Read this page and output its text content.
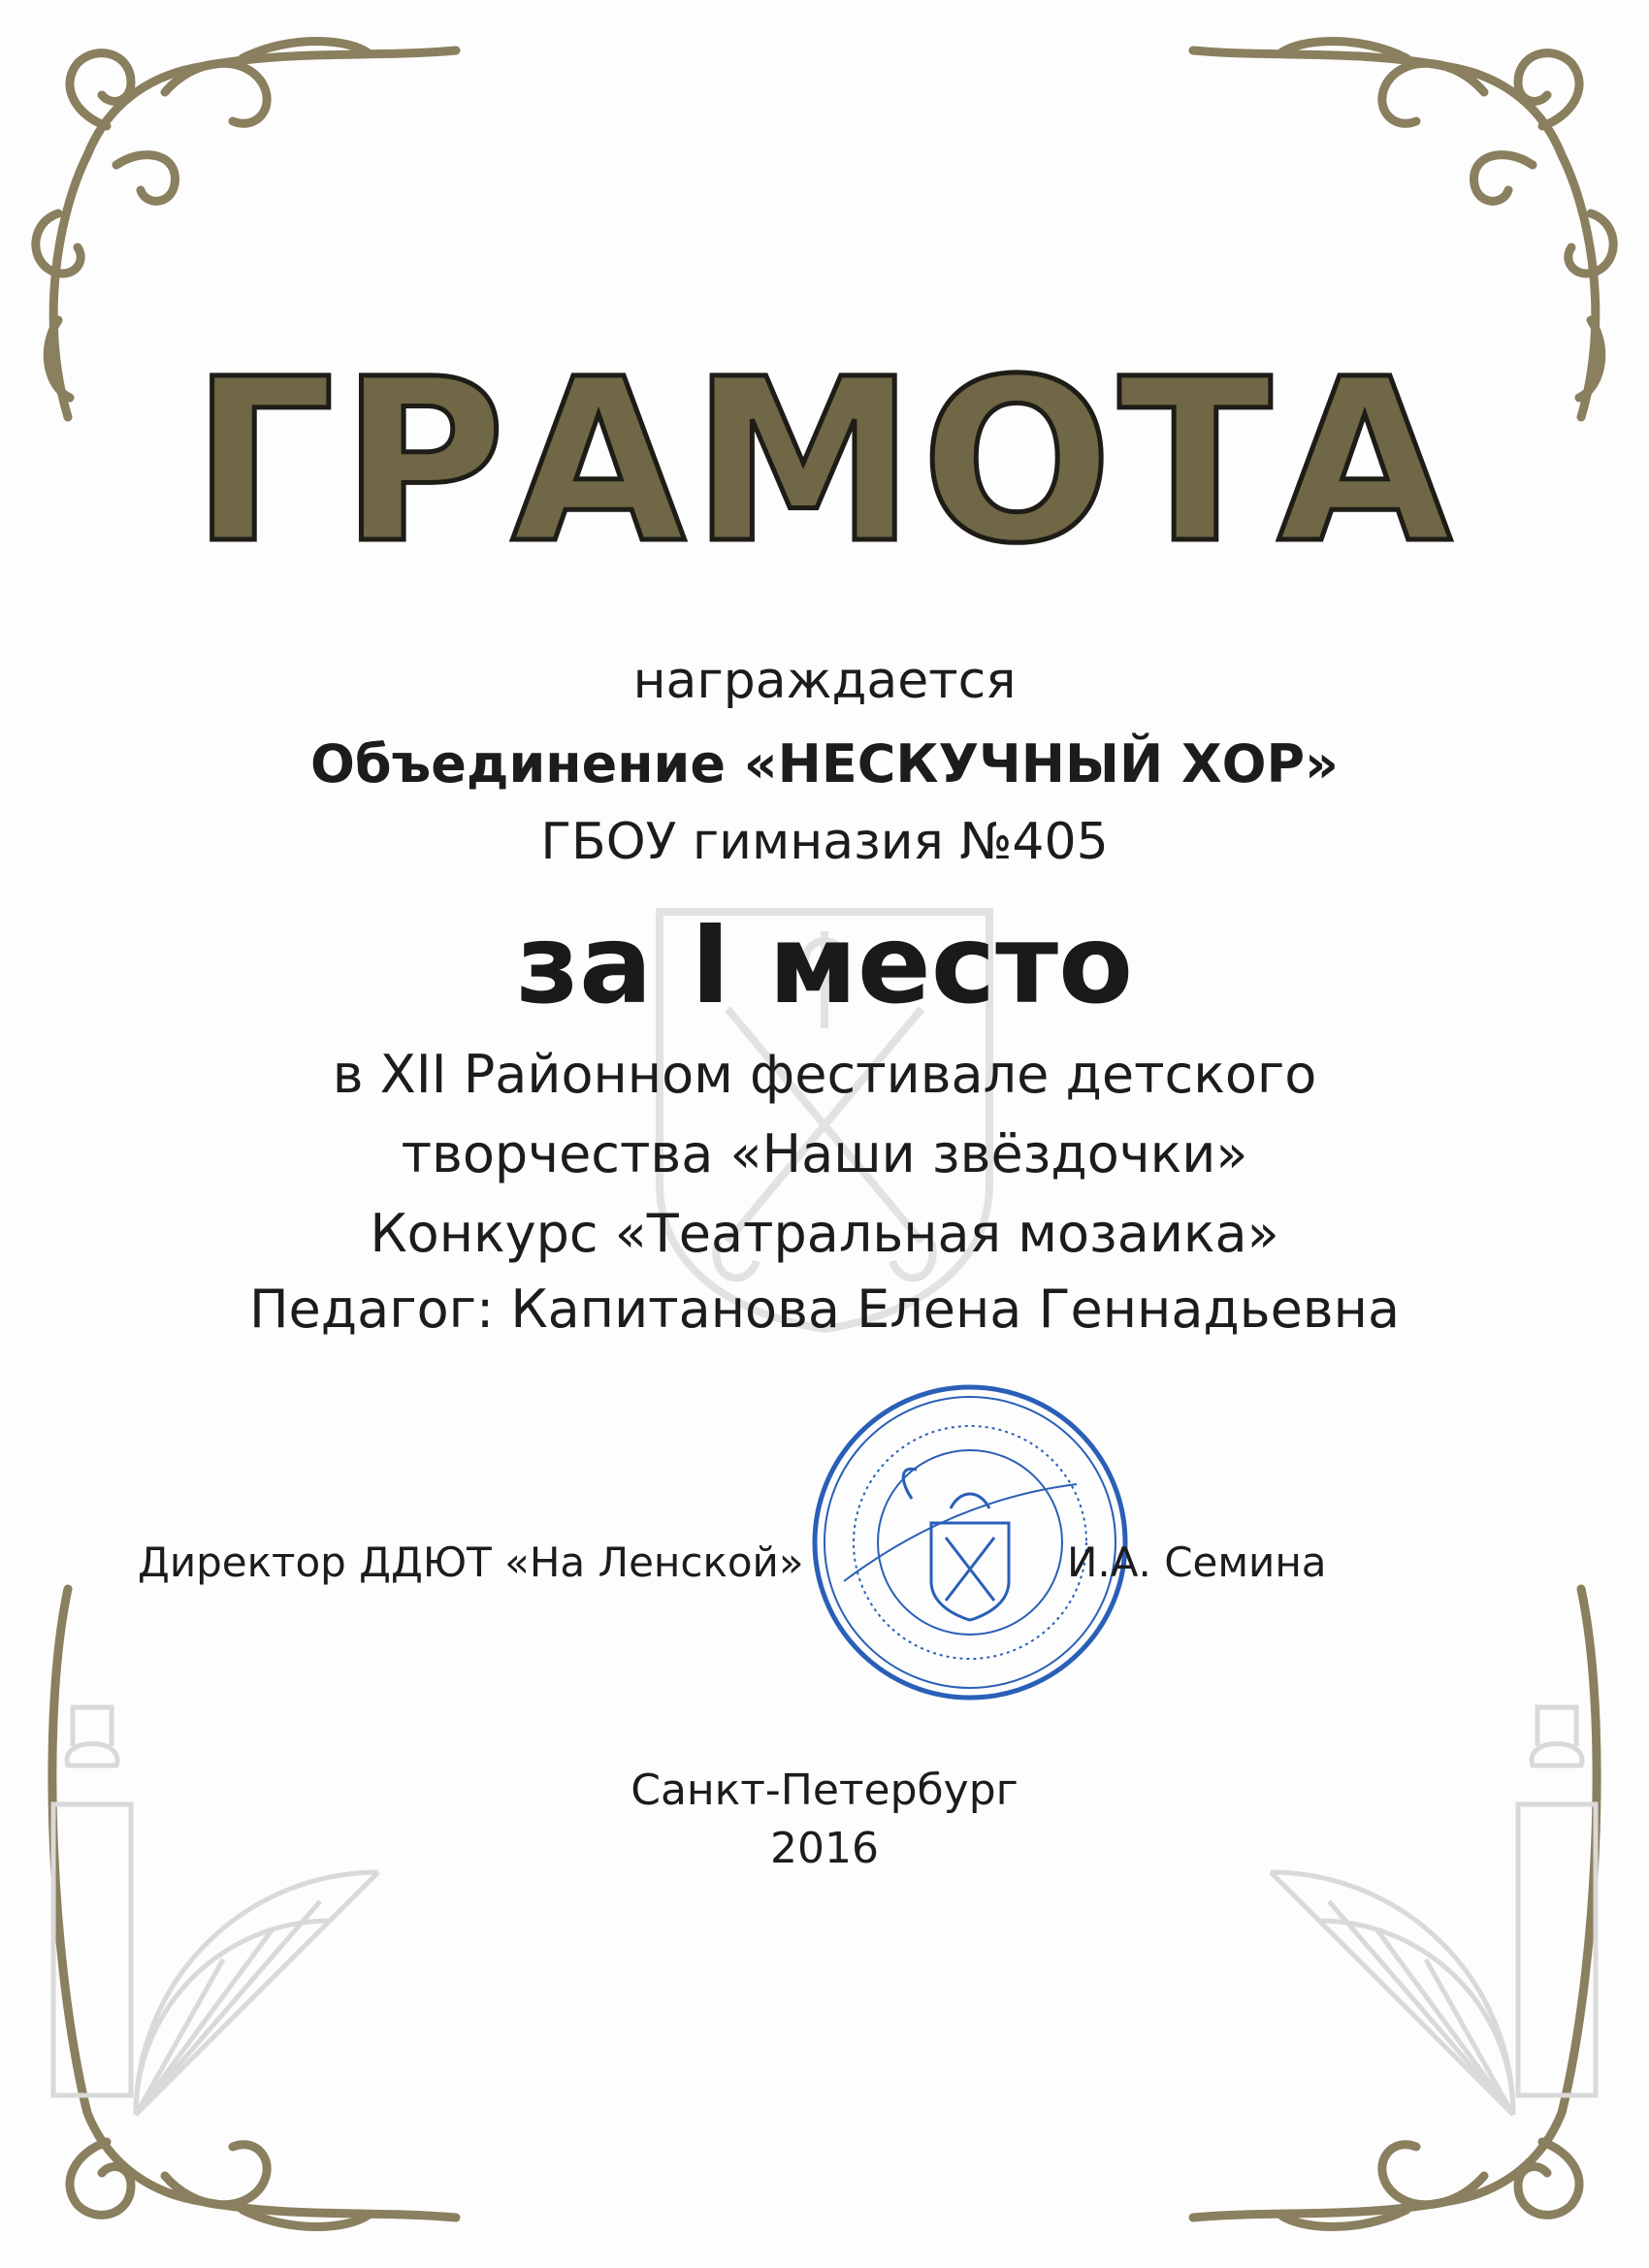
ГРАМОТА
награждается
Объединение «НЕСКУЧНЫЙ ХОР»
ГБОУ гимназия №405
за I место
в XII Районном фестивале детского
творчества «Наши звёздочки»
Конкурс «Театральная мозаика»
Педагог: Капитанова Елена Геннадьевна
Директор ДДЮТ «На Ленской»	И.А. Семина
Санкт-Петербург
2016
